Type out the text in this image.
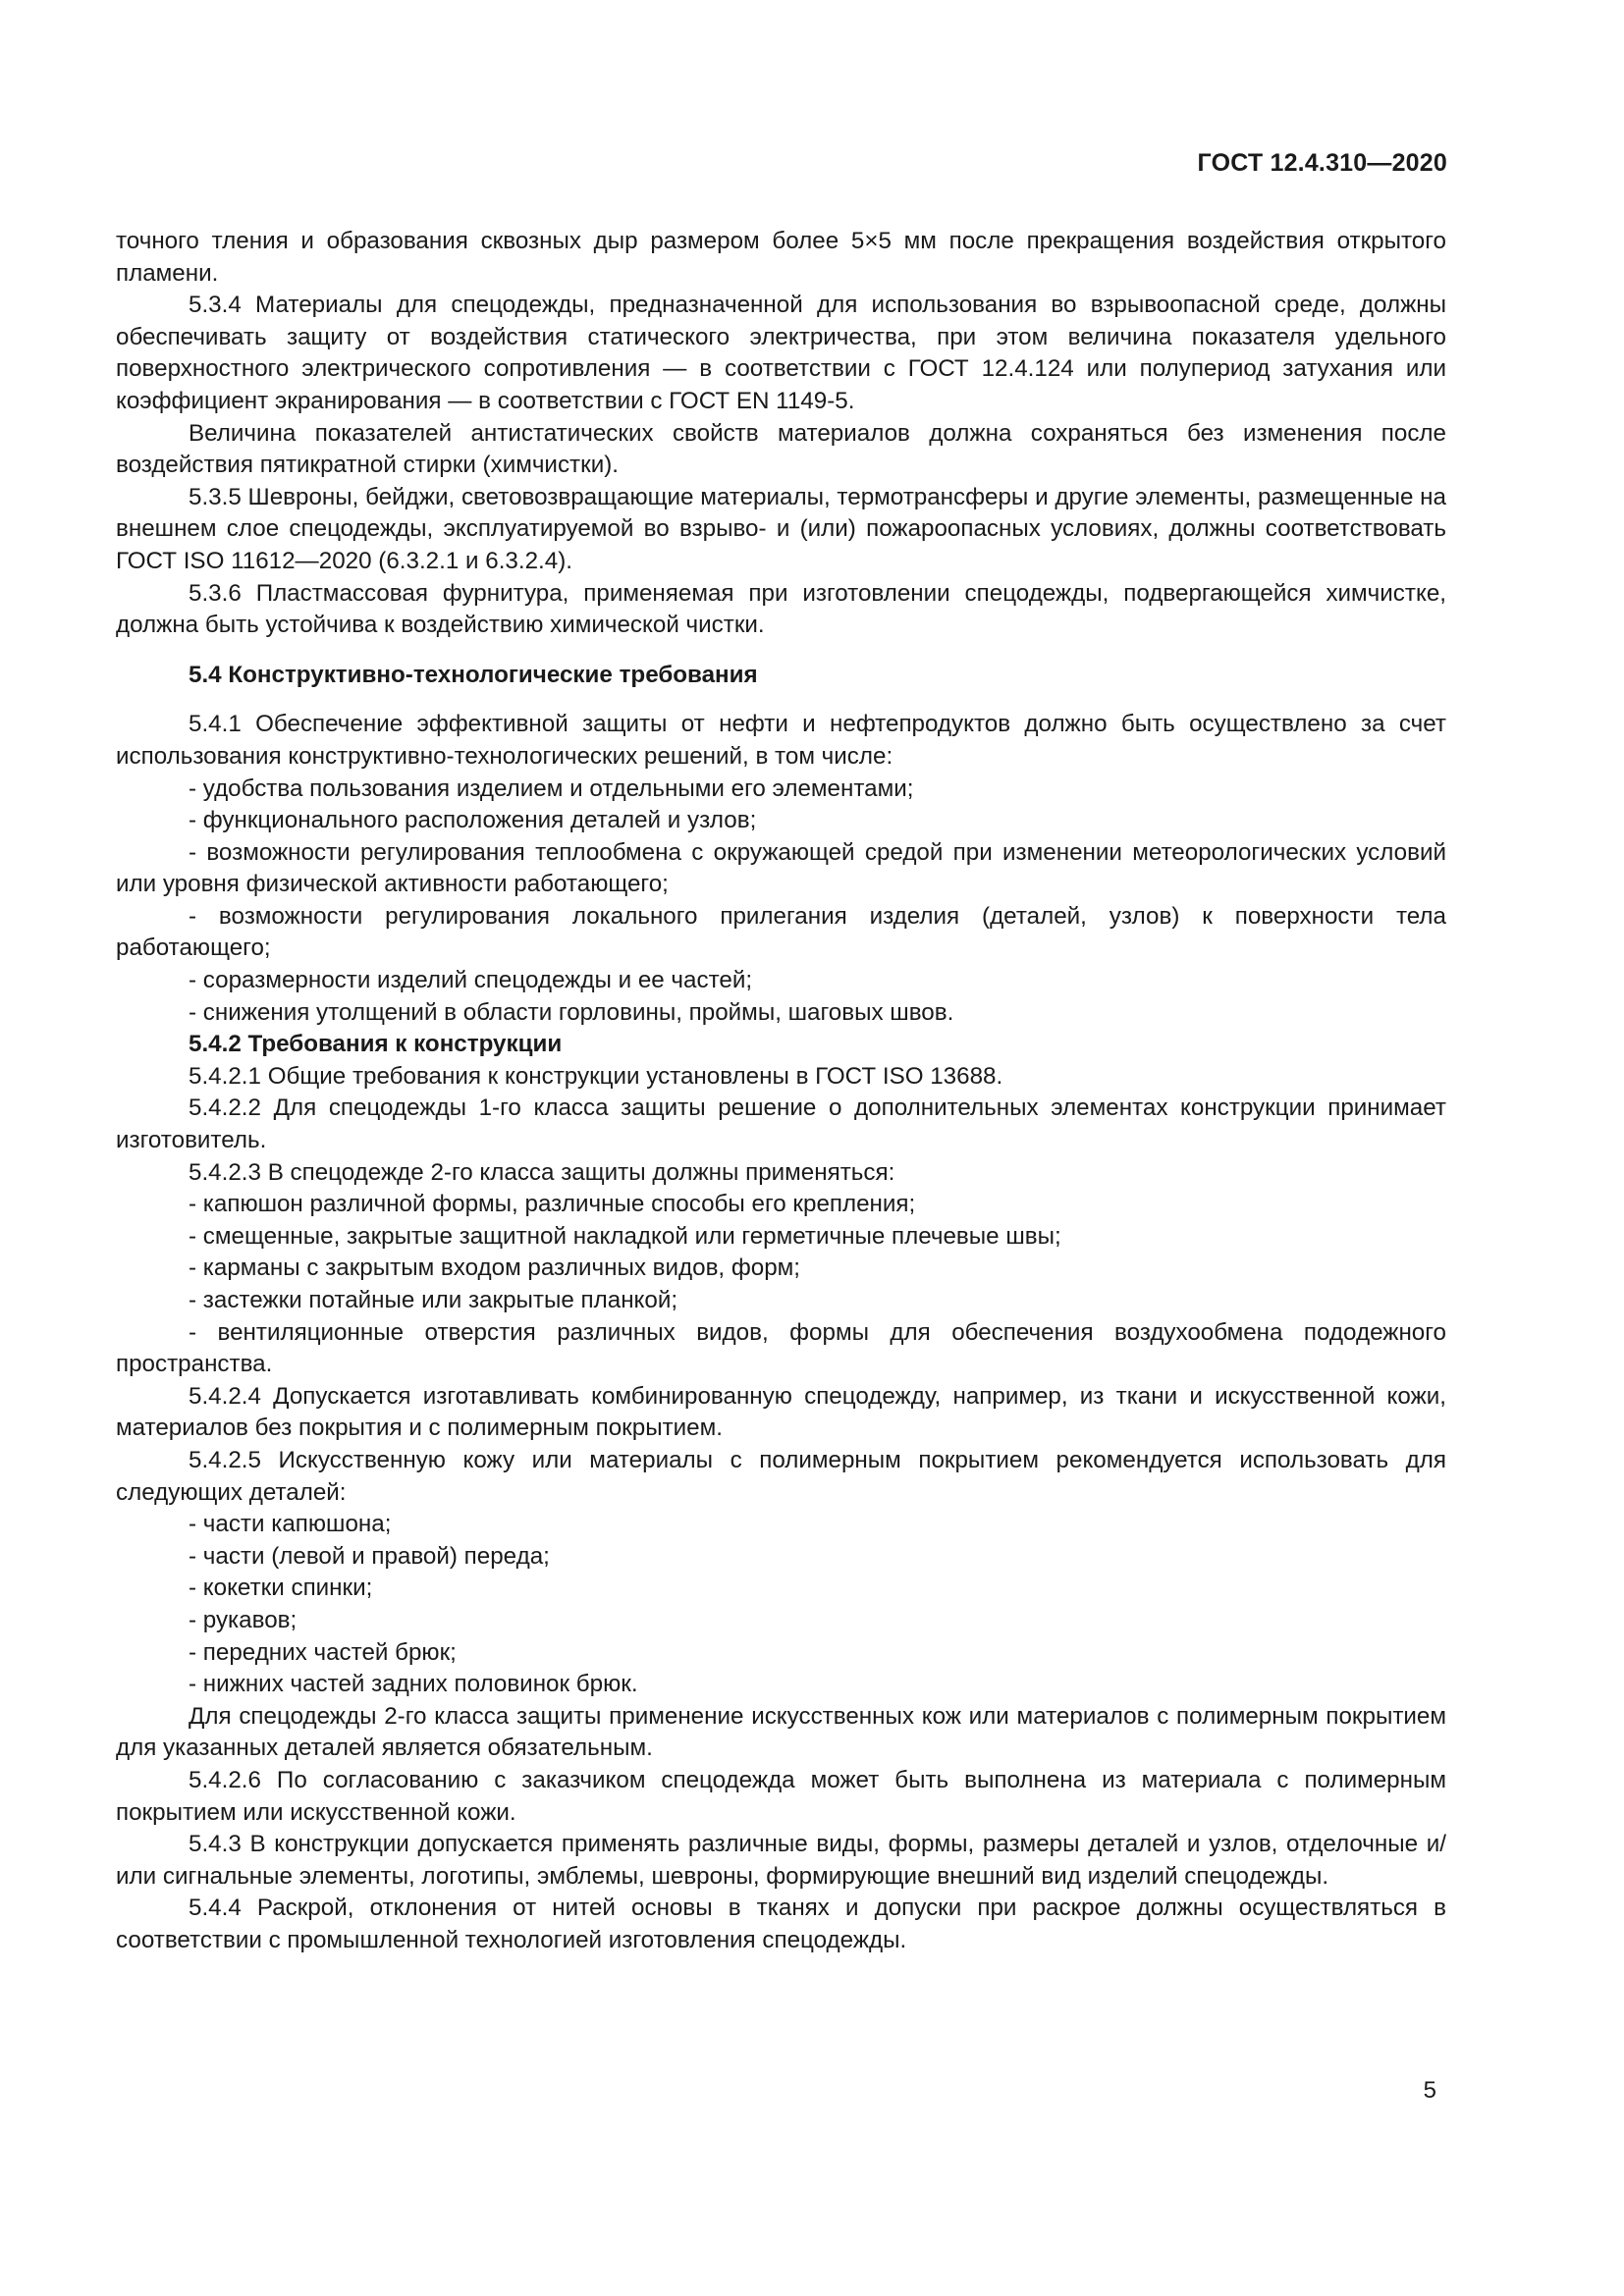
ГОСТ 12.4.310—2020

точного тления и образования сквозных дыр размером более 5×5 мм после прекращения воздействия открытого пламени.

5.3.4 Материалы для спецодежды, предназначенной для использования во взрывоопасной среде, должны обеспечивать защиту от воздействия статического электричества, при этом величина показателя удельного поверхностного электрического сопротивления — в соответствии с ГОСТ 12.4.124 или полупериод затухания или коэффициент экранирования — в соответствии с ГОСТ EN 1149-5.

Величина показателей антистатических свойств материалов должна сохраняться без изменения после воздействия пятикратной стирки (химчистки).

5.3.5 Шевроны, бейджи, световозвращающие материалы, термотрансферы и другие элементы, размещенные на внешнем слое спецодежды, эксплуатируемой во взрыво- и (или) пожароопасных условиях, должны соответствовать ГОСТ ISO 11612—2020 (6.3.2.1 и 6.3.2.4).

5.3.6 Пластмассовая фурнитура, применяемая при изготовлении спецодежды, подвергающейся химчистке, должна быть устойчива к воздействию химической чистки.

5.4 Конструктивно-технологические требования

5.4.1 Обеспечение эффективной защиты от нефти и нефтепродуктов должно быть осуществлено за счет использования конструктивно-технологических решений, в том числе:

- удобства пользования изделием и отдельными его элементами;

- функционального расположения деталей и узлов;

- возможности регулирования теплообмена с окружающей средой при изменении метеорологических условий или уровня физической активности работающего;

- возможности регулирования локального прилегания изделия (деталей, узлов) к поверхности тела работающего;

- соразмерности изделий спецодежды и ее частей;

- снижения утолщений в области горловины, проймы, шаговых швов.

5.4.2 Требования к конструкции

5.4.2.1 Общие требования к конструкции установлены в ГОСТ ISO 13688.

5.4.2.2 Для спецодежды 1-го класса защиты решение о дополнительных элементах конструкции принимает изготовитель.

5.4.2.3 В спецодежде 2-го класса защиты должны применяться:

- капюшон различной формы, различные способы его крепления;

- смещенные, закрытые защитной накладкой или герметичные плечевые швы;

- карманы с закрытым входом различных видов, форм;

- застежки потайные или закрытые планкой;

- вентиляционные отверстия различных видов, формы для обеспечения воздухообмена пододежного пространства.

5.4.2.4 Допускается изготавливать комбинированную спецодежду, например, из ткани и искусственной кожи, материалов без покрытия и с полимерным покрытием.

5.4.2.5 Искусственную кожу или материалы с полимерным покрытием рекомендуется использовать для следующих деталей:

- части капюшона;

- части (левой и правой) переда;

- кокетки спинки;

- рукавов;

- передних частей брюк;

- нижних частей задних половинок брюк.

Для спецодежды 2-го класса защиты применение искусственных кож или материалов с полимерным покрытием для указанных деталей является обязательным.

5.4.2.6 По согласованию с заказчиком спецодежда может быть выполнена из материала с полимерным покрытием или искусственной кожи.

5.4.3 В конструкции допускается применять различные виды, формы, размеры деталей и узлов, отделочные и/или сигнальные элементы, логотипы, эмблемы, шевроны, формирующие внешний вид изделий спецодежды.

5.4.4 Раскрой, отклонения от нитей основы в тканях и допуски при раскрое должны осуществляться в соответствии с промышленной технологией изготовления спецодежды.

5
